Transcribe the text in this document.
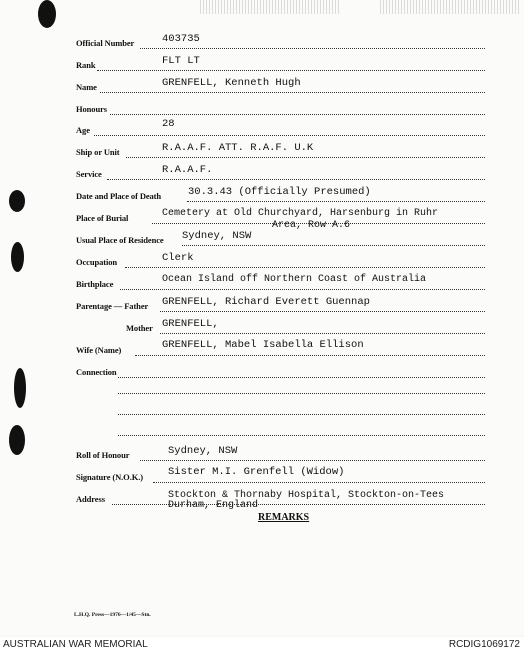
Official Number	403735
Rank	FLT LT
Name	GRENFELL, Kenneth Hugh
Honours
Age	28
Ship or Unit	R.A.A.F. ATT. R.A.F. U.K
Service	R.A.A.F.
Date and Place of Death	30.3.43 (Officially Presumed)
Place of Burial	Cemetery at Old Churchyard, Harsenburg in Ruhr
Area, Row A.6
Usual Place of Residence Sydney, NSW
Occupation	Clerk
Birthplace	Ocean Island off Northern Coast of Australia
Parentage — Father GRENFELL, Richard Everett Guennap
Mother GRENFELL,
Wife (Name)	GRENFELL, Mabel Isabella Ellison
Connection
Roll of Honour	Sydney, NSW
Signature (N.O.K.) Sister M.I. Grenfell (Widow)
Address	Stockton & Thornaby Hospital, Stockton-on-Tees
Durham, England
REMARKS
L.H.Q. Press—1976—1/45—Stn.
AUSTRALIAN WAR MEMORIAL	RCDIG1069172
